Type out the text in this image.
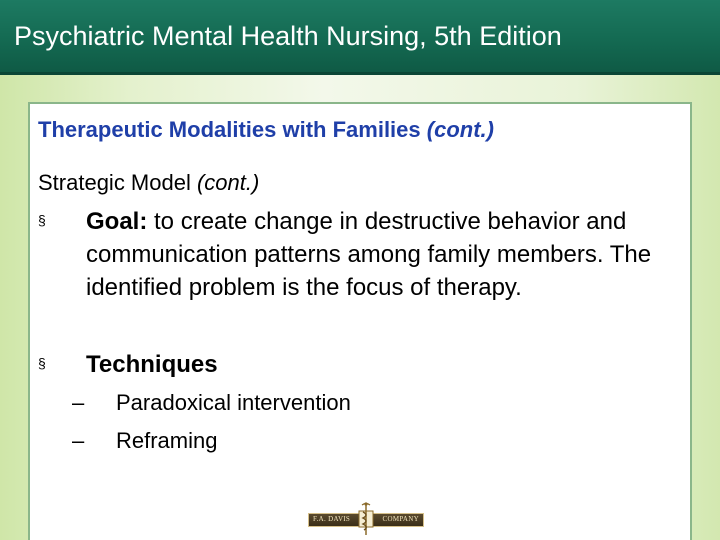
Psychiatric Mental Health Nursing, 5th Edition
Therapeutic Modalities with Families (cont.)
Strategic Model (cont.)
§	Goal: to create change in destructive behavior and communication patterns among family members. The identified problem is the focus of therapy.
§	Techniques
–	Paradoxical intervention
–	Reframing
F.A. DAVIS	COMPANY
